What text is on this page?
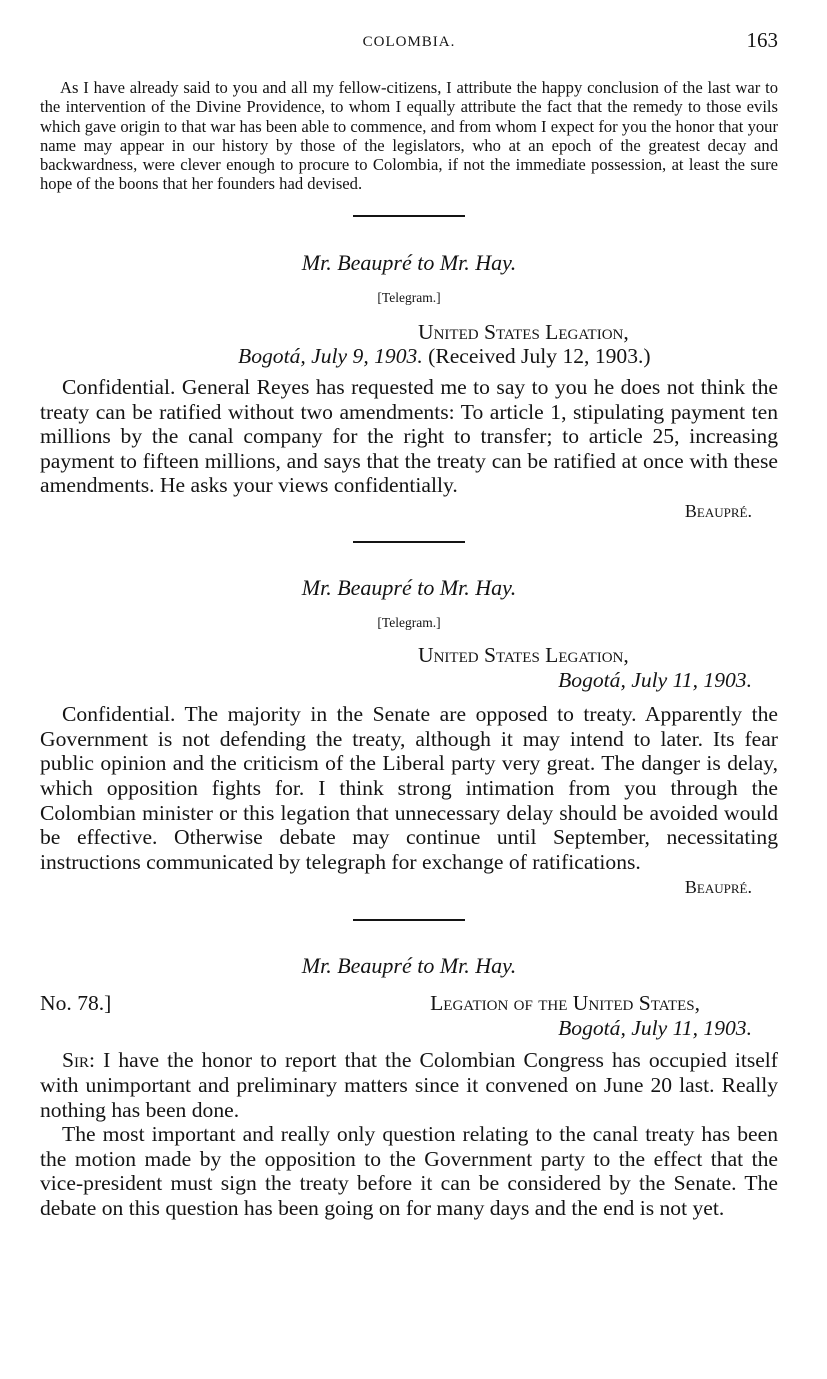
COLOMBIA.	163

As I have already said to you and all my fellow-citizens, I attribute the happy conclusion of the last war to the intervention of the Divine Providence, to whom I equally attribute the fact that the remedy to those evils which gave origin to that war has been able to commence, and from whom I expect for you the honor that your name may appear in our history by those of the legislators, who at an epoch of the greatest decay and backwardness, were clever enough to procure to Colombia, if not the immediate possession, at least the sure hope of the boons that her founders had devised.

Mr. Beaupré to Mr. Hay.

[Telegram.]

United States Legation,

Bogotá, July 9, 1903. (Received July 12, 1903.)

Confidential. General Reyes has requested me to say to you he does not think the treaty can be ratified without two amendments: To article 1, stipulating payment ten millions by the canal company for the right to transfer; to article 25, increasing payment to fifteen millions, and says that the treaty can be ratified at once with these amendments. He asks your views confidentially.

Beaupré.

Mr. Beaupré to Mr. Hay.

[Telegram.]

United States Legation,

Bogotá, July 11, 1903.

Confidential. The majority in the Senate are opposed to treaty. Apparently the Government is not defending the treaty, although it may intend to later. Its fear public opinion and the criticism of the Liberal party very great. The danger is delay, which opposition fights for. I think strong intimation from you through the Colombian minister or this legation that unnecessary delay should be avoided would be effective. Otherwise debate may continue until September, necessitating instructions communicated by telegraph for exchange of ratifications.

Beaupré.

Mr. Beaupré to Mr. Hay.

No. 78.]	Legation of the United States,

Bogotá, July 11, 1903.

Sir: I have the honor to report that the Colombian Congress has occupied itself with unimportant and preliminary matters since it convened on June 20 last. Really nothing has been done.

The most important and really only question relating to the canal treaty has been the motion made by the opposition to the Government party to the effect that the vice-president must sign the treaty before it can be considered by the Senate. The debate on this question has been going on for many days and the end is not yet.
